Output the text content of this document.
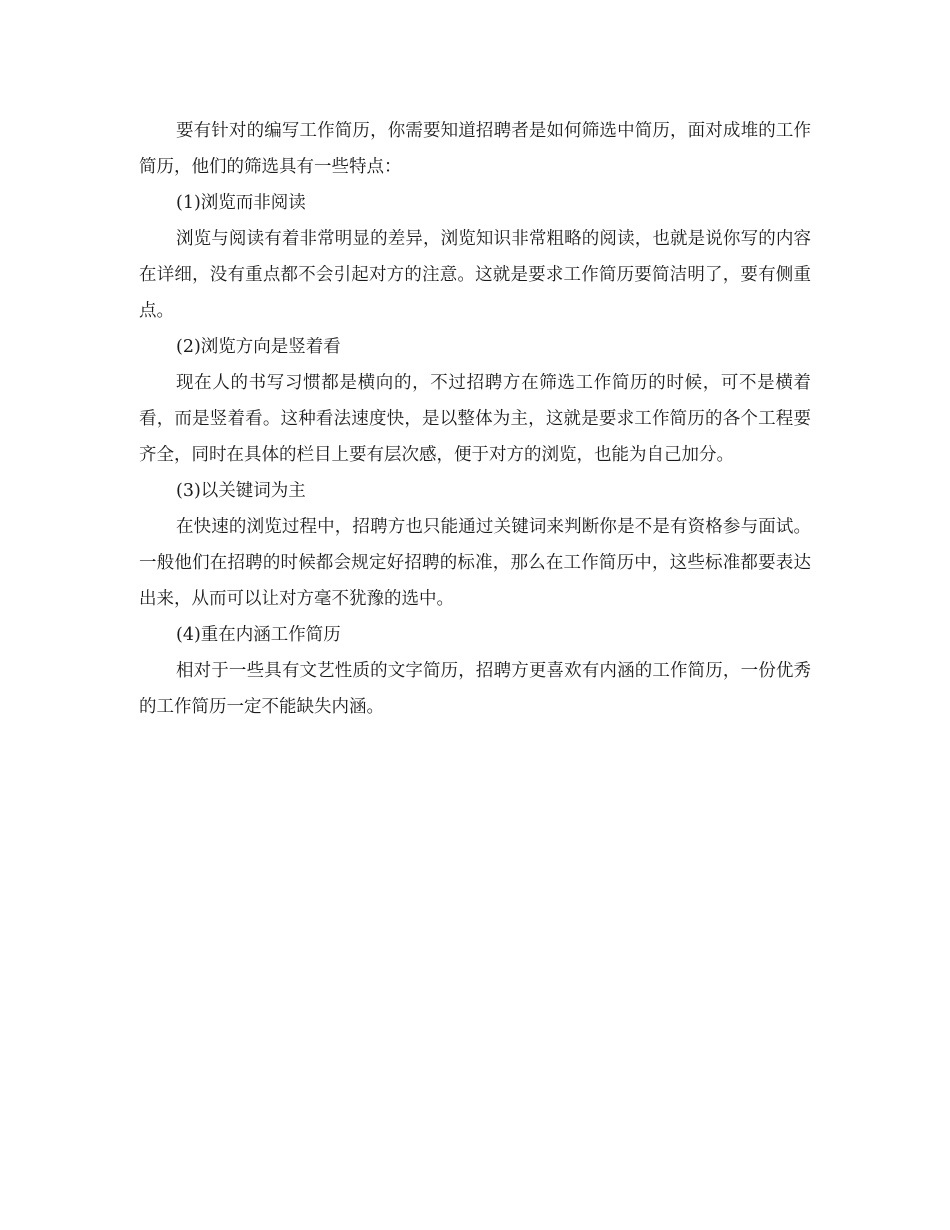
要有针对的编写工作简历，你需要知道招聘者是如何筛选中简历，面对成堆的工作简历，他们的筛选具有一些特点：

(1)浏览而非阅读

浏览与阅读有着非常明显的差异，浏览知识非常粗略的阅读，也就是说你写的内容在详细，没有重点都不会引起对方的注意。这就是要求工作简历要简洁明了，要有侧重点。

(2)浏览方向是竖着看

现在人的书写习惯都是横向的，不过招聘方在筛选工作简历的时候，可不是横着看，而是竖着看。这种看法速度快，是以整体为主，这就是要求工作简历的各个工程要齐全，同时在具体的栏目上要有层次感，便于对方的浏览，也能为自己加分。

(3)以关键词为主

在快速的浏览过程中，招聘方也只能通过关键词来判断你是不是有资格参与面试。一般他们在招聘的时候都会规定好招聘的标准，那么在工作简历中，这些标准都要表达出来，从而可以让对方毫不犹豫的选中。

(4)重在内涵工作简历

相对于一些具有文艺性质的文字简历，招聘方更喜欢有内涵的工作简历，一份优秀的工作简历一定不能缺失内涵。
